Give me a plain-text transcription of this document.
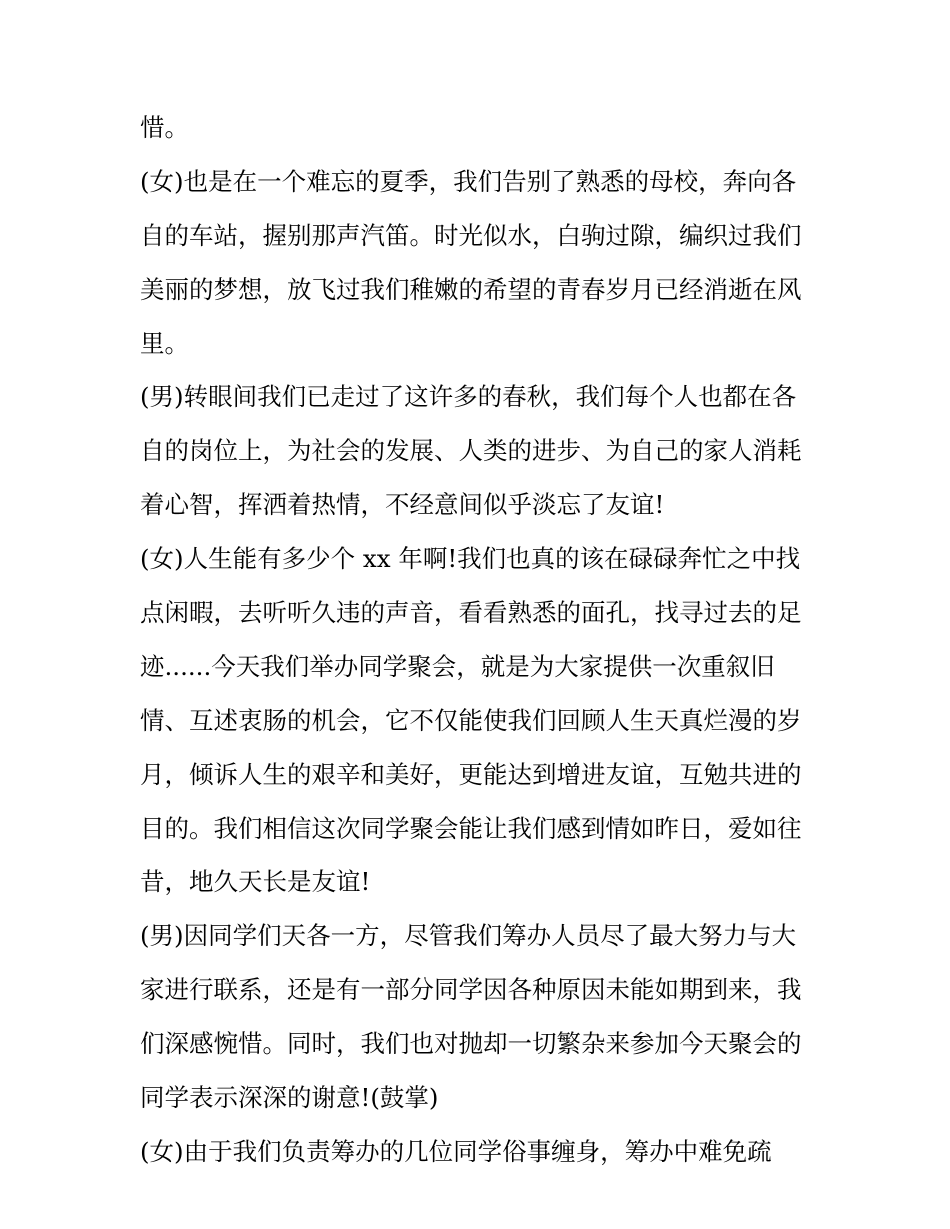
惜。
(女)也是在一个难忘的夏季，我们告别了熟悉的母校，奔向各
自的车站，握别那声汽笛。时光似水，白驹过隙，编织过我们
美丽的梦想，放飞过我们稚嫩的希望的青春岁月已经消逝在风
里。
(男)转眼间我们已走过了这许多的春秋，我们每个人也都在各
自的岗位上，为社会的发展、人类的进步、为自己的家人消耗
着心智，挥洒着热情，不经意间似乎淡忘了友谊!
(女)人生能有多少个 xx 年啊!我们也真的该在碌碌奔忙之中找
点闲暇，去听听久违的声音，看看熟悉的面孔，找寻过去的足
迹......今天我们举办同学聚会，就是为大家提供一次重叙旧
情、互述衷肠的机会，它不仅能使我们回顾人生天真烂漫的岁
月，倾诉人生的艰辛和美好，更能达到增进友谊，互勉共进的
目的。我们相信这次同学聚会能让我们感到情如昨日，爱如往
昔，地久天长是友谊!
(男)因同学们天各一方，尽管我们筹办人员尽了最大努力与大
家进行联系，还是有一部分同学因各种原因未能如期到来，我
们深感惋惜。同时，我们也对抛却一切繁杂来参加今天聚会的
同学表示深深的谢意!(鼓掌)
(女)由于我们负责筹办的几位同学俗事缠身，筹办中难免疏
